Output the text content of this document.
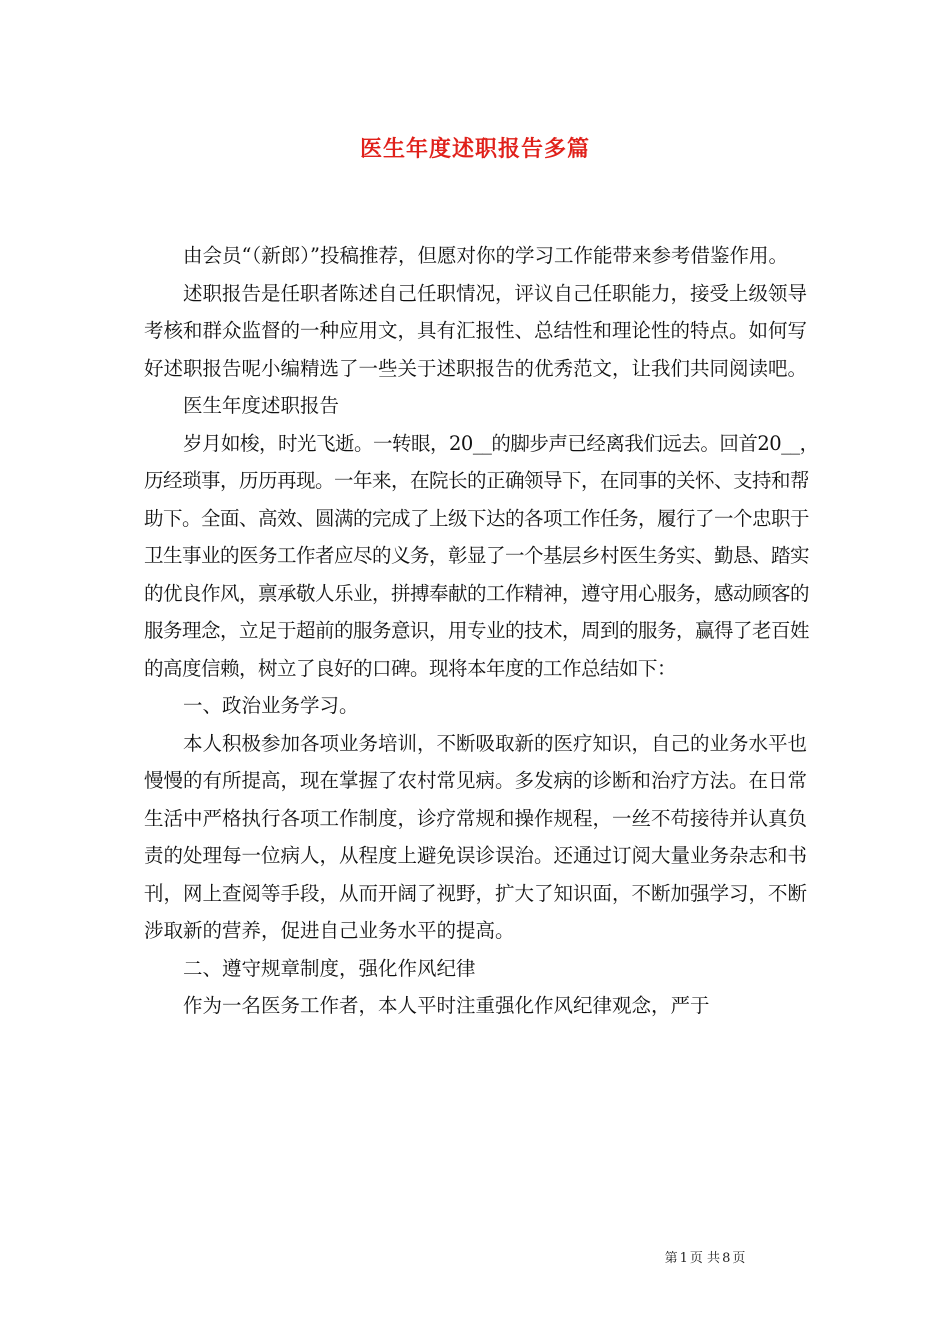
医生年度述职报告多篇

由会员“（新郎）”投稿推荐，但愿对你的学习工作能带来参考借鉴作用。

述职报告是任职者陈述自己任职情况，评议自己任职能力，接受上级领导考核和群众监督的一种应用文，具有汇报性、总结性和理论性的特点。如何写好述职报告呢小编精选了一些关于述职报告的优秀范文，让我们共同阅读吧。

医生年度述职报告

岁月如梭，时光飞逝。一转眼，20__的脚步声已经离我们远去。回首20__，历经琐事，历历再现。一年来，在院长的正确领导下，在同事的关怀、支持和帮助下。全面、高效、圆满的完成了上级下达的各项工作任务，履行了一个忠职于卫生事业的医务工作者应尽的义务，彰显了一个基层乡村医生务实、勤恳、踏实的优良作风，禀承敬人乐业，拼搏奉献的工作精神，遵守用心服务，感动顾客的服务理念，立足于超前的服务意识，用专业的技术，周到的服务，赢得了老百姓的高度信赖，树立了良好的口碑。现将本年度的工作总结如下：

一、政治业务学习。

本人积极参加各项业务培训，不断吸取新的医疗知识，自己的业务水平也慢慢的有所提高，现在掌握了农村常见病。多发病的诊断和治疗方法。在日常生活中严格执行各项工作制度，诊疗常规和操作规程，一丝不苟接待并认真负责的处理每一位病人，从程度上避免误诊误治。还通过订阅大量业务杂志和书刊，网上查阅等手段，从而开阔了视野，扩大了知识面，不断加强学习，不断涉取新的营养，促进自己业务水平的提高。

二、遵守规章制度，强化作风纪律

作为一名医务工作者，本人平时注重强化作风纪律观念，严于

第 1 页 共 8 页
